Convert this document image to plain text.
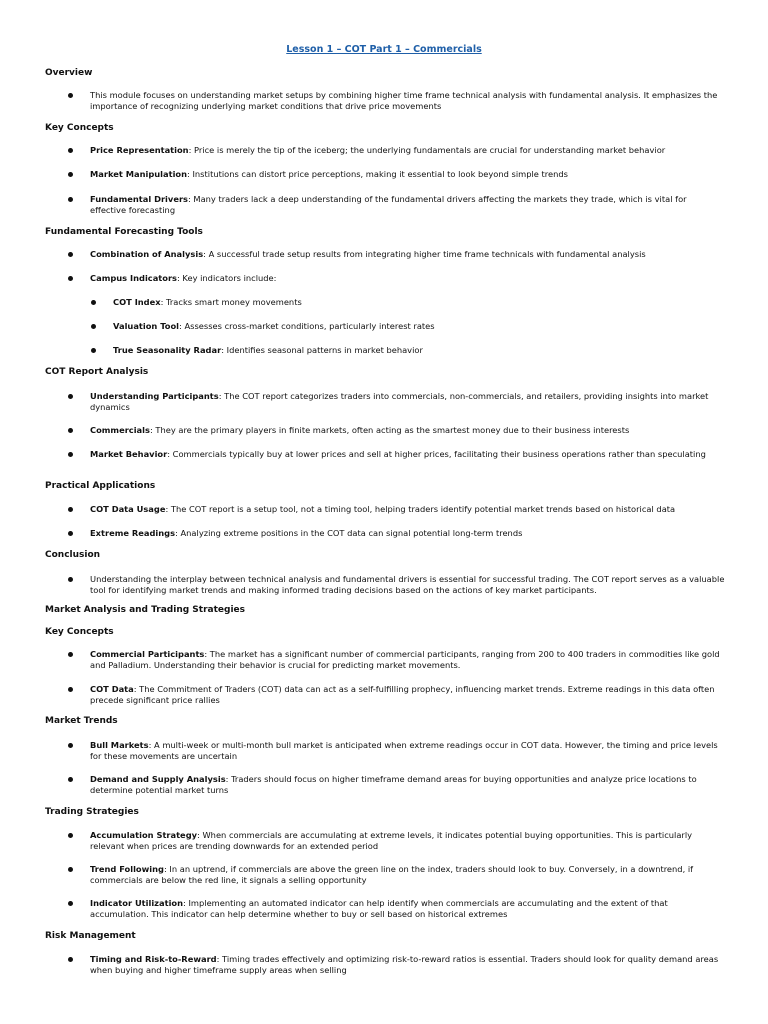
Lesson 1 – COT Part 1 – Commercials
Overview
This module focuses on understanding market setups by combining higher time frame technical analysis with fundamental analysis. It emphasizes the importance of recognizing underlying market conditions that drive price movements
Key Concepts
Price Representation: Price is merely the tip of the iceberg; the underlying fundamentals are crucial for understanding market behavior
Market Manipulation: Institutions can distort price perceptions, making it essential to look beyond simple trends
Fundamental Drivers: Many traders lack a deep understanding of the fundamental drivers affecting the markets they trade, which is vital for effective forecasting
Fundamental Forecasting Tools
Combination of Analysis: A successful trade setup results from integrating higher time frame technicals with fundamental analysis
Campus Indicators: Key indicators include:
COT Index: Tracks smart money movements
Valuation Tool: Assesses cross-market conditions, particularly interest rates
True Seasonality Radar: Identifies seasonal patterns in market behavior
COT Report Analysis
Understanding Participants: The COT report categorizes traders into commercials, non-commercials, and retailers, providing insights into market dynamics
Commercials: They are the primary players in finite markets, often acting as the smartest money due to their business interests
Market Behavior: Commercials typically buy at lower prices and sell at higher prices, facilitating their business operations rather than speculating
Practical Applications
COT Data Usage: The COT report is a setup tool, not a timing tool, helping traders identify potential market trends based on historical data
Extreme Readings: Analyzing extreme positions in the COT data can signal potential long-term trends
Conclusion
Understanding the interplay between technical analysis and fundamental drivers is essential for successful trading. The COT report serves as a valuable tool for identifying market trends and making informed trading decisions based on the actions of key market participants.
Market Analysis and Trading Strategies
Key Concepts
Commercial Participants: The market has a significant number of commercial participants, ranging from 200 to 400 traders in commodities like gold and Palladium. Understanding their behavior is crucial for predicting market movements.
COT Data: The Commitment of Traders (COT) data can act as a self-fulfilling prophecy, influencing market trends. Extreme readings in this data often precede significant price rallies
Market Trends
Bull Markets: A multi-week or multi-month bull market is anticipated when extreme readings occur in COT data. However, the timing and price levels for these movements are uncertain
Demand and Supply Analysis: Traders should focus on higher timeframe demand areas for buying opportunities and analyze price locations to determine potential market turns
Trading Strategies
Accumulation Strategy: When commercials are accumulating at extreme levels, it indicates potential buying opportunities. This is particularly relevant when prices are trending downwards for an extended period
Trend Following: In an uptrend, if commercials are above the green line on the index, traders should look to buy. Conversely, in a downtrend, if commercials are below the red line, it signals a selling opportunity
Indicator Utilization: Implementing an automated indicator can help identify when commercials are accumulating and the extent of that accumulation. This indicator can help determine whether to buy or sell based on historical extremes
Risk Management
Timing and Risk-to-Reward: Timing trades effectively and optimizing risk-to-reward ratios is essential. Traders should look for quality demand areas when buying and higher timeframe supply areas when selling
